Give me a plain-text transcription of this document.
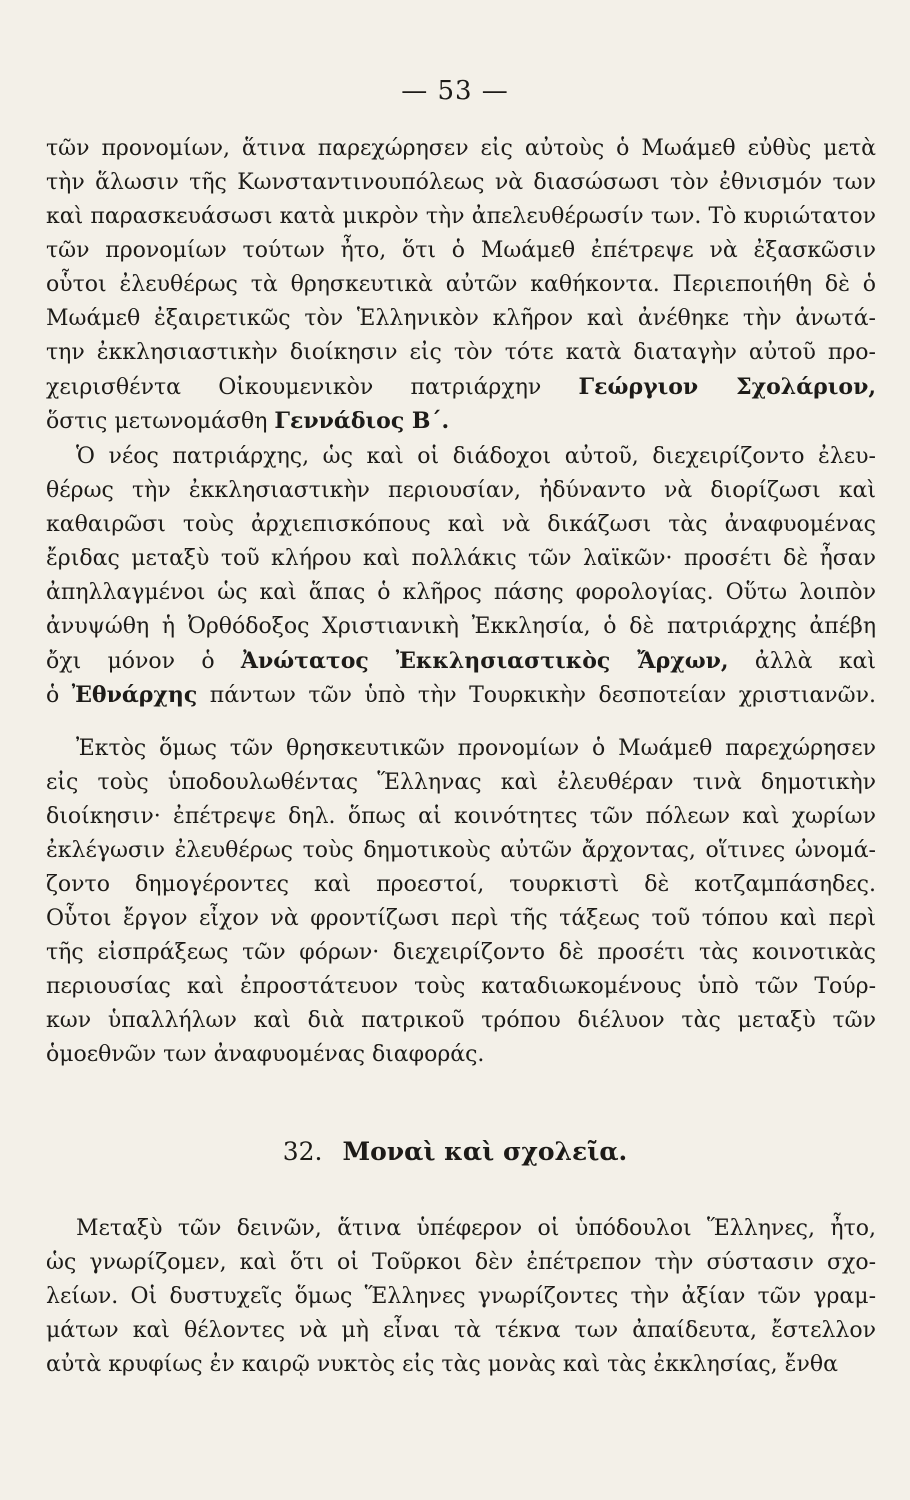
— 53 —
τῶν προνομίων, ἅτινα παρεχώρησεν εἰς αὐτοὺς ὁ Μωάμεθ εὐθὺς μετὰ
τὴν ἅλωσιν τῆς Κωνσταντινουπόλεως νὰ διασώσωσι τὸν ἐθνισμόν των
καὶ παρασκευάσωσι κατὰ μικρὸν τὴν ἀπελευθέρωσίν των. Τὸ κυριώτατον
τῶν προνομίων τούτων ἦτο, ὅτι ὁ Μωάμεθ ἐπέτρεψε νὰ ἐξασκῶσιν
οὗτοι ἐλευθέρως τὰ θρησκευτικὰ αὐτῶν καθήκοντα. Περιεποιήθη δὲ ὁ
Μωάμεθ ἐξαιρετικῶς τὸν Ἑλληνικὸν κλῆρον καὶ ἀνέθηκε τὴν ἀνωτά-
την ἐκκλησιαστικὴν διοίκησιν εἰς τὸν τότε κατὰ διαταγὴν αὐτοῦ προ-
χειρισθέντα Οἰκουμενικὸν πατριάρχην Γεώργιον Σχολάριον,
ὅστις μετωνομάσθη Γεννάδιος Β΄.
Ὁ νέος πατριάρχης, ὡς καὶ οἱ διάδοχοι αὐτοῦ, διεχειρίζοντο ἐλευ-
θέρως τὴν ἐκκλησιαστικὴν περιουσίαν, ἠδύναντο νὰ διορίζωσι καὶ
καθαιρῶσι τοὺς ἀρχιεπισκόπους καὶ νὰ δικάζωσι τὰς ἀναφυομένας
ἔριδας μεταξὺ τοῦ κλήρου καὶ πολλάκις τῶν λαϊκῶν· προσέτι δὲ ἦσαν
ἀπηλλαγμένοι ὡς καὶ ἅπας ὁ κλῆρος πάσης φορολογίας. Οὕτω λοιπὸν
ἀνυψώθη ἡ Ὀρθόδοξος Χριστιανικὴ Ἐκκλησία, ὁ δὲ πατριάρχης ἀπέβη
ὄχι μόνον ὁ Ἀνώτατος Ἐκκλησιαστικὸς Ἄρχων, ἀλλὰ καὶ
ὁ Ἐθνάρχης πάντων τῶν ὑπὸ τὴν Τουρκικὴν δεσποτείαν χριστιανῶν.
Ἐκτὸς ὅμως τῶν θρησκευτικῶν προνομίων ὁ Μωάμεθ παρεχώρησεν
εἰς τοὺς ὑποδουλωθέντας Ἕλληνας καὶ ἐλευθέραν τινὰ δημοτικὴν
διοίκησιν· ἐπέτρεψε δηλ. ὅπως αἱ κοινότητες τῶν πόλεων καὶ χωρίων
ἐκλέγωσιν ἐλευθέρως τοὺς δημοτικοὺς αὐτῶν ἄρχοντας, οἵτινες ὠνομά-
ζοντο δημογέροντες καὶ προεστοί, τουρκιστὶ δὲ κοτζαμπάσηδες.
Οὗτοι ἔργον εἶχον νὰ φροντίζωσι περὶ τῆς τάξεως τοῦ τόπου καὶ περὶ
τῆς εἰσπράξεως τῶν φόρων· διεχειρίζοντο δὲ προσέτι τὰς κοινοτικὰς
περιουσίας καὶ ἐπροστάτευον τοὺς καταδιωκομένους ὑπὸ τῶν Τούρ-
κων ὑπαλλήλων καὶ διὰ πατρικοῦ τρόπου διέλυον τὰς μεταξὺ τῶν
ὁμοεθνῶν των ἀναφυομένας διαφοράς.
32. Μοναὶ καὶ σχολεῖα.
Μεταξὺ τῶν δεινῶν, ἅτινα ὑπέφερον οἱ ὑπόδουλοι Ἕλληνες, ἦτο,
ὡς γνωρίζομεν, καὶ ὅτι οἱ Τοῦρκοι δὲν ἐπέτρεπον τὴν σύστασιν σχο-
λείων. Οἱ δυστυχεῖς ὅμως Ἕλληνες γνωρίζοντες τὴν ἀξίαν τῶν γραμ-
μάτων καὶ θέλοντες νὰ μὴ εἶναι τὰ τέκνα των ἀπαίδευτα, ἔστελλον
αὐτὰ κρυφίως ἐν καιρῷ νυκτὸς εἰς τὰς μονὰς καὶ τὰς ἐκκλησίας, ἔνθα
